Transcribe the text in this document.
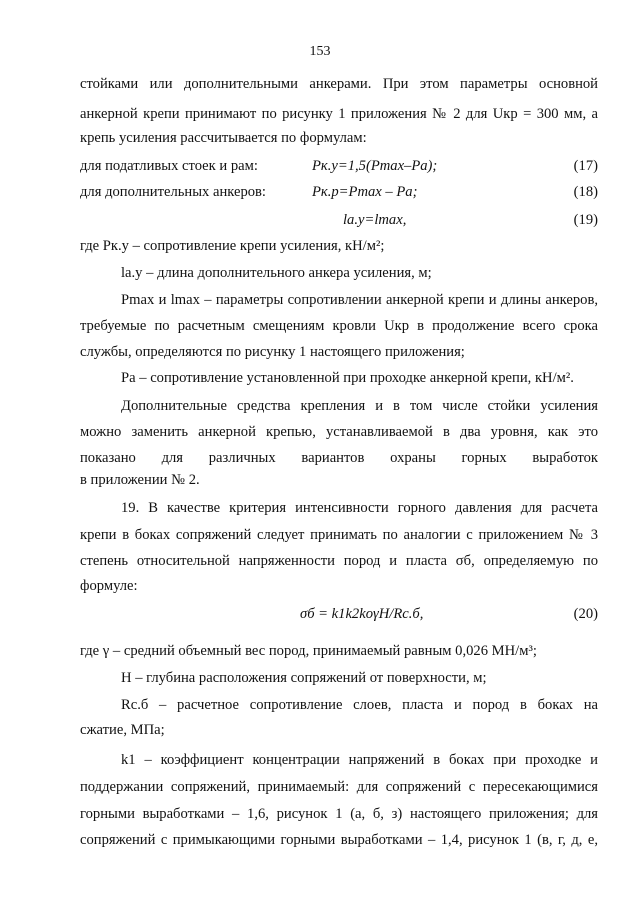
153
стойками или дополнительными анкерами. При этом параметры основной
анкерной крепи принимают по рисунку 1 приложения № 2 для Uкр = 300 мм, а
крепь усиления рассчитывается по формулам:
для податливых стоек и рам:	Pк.у=1,5(Pmax–Pa);	(17)
для дополнительных анкеров:	Pк.р=Pmax – Pa;	(18)
la.y=lmax,	(19)
где Pк.у – сопротивление крепи усиления, кН/м²;
la.y – длина дополнительного анкера усиления, м;
Pmax и lmax – параметры сопротивлении анкерной крепи и длины анкеров,
требуемые по расчетным смещениям кровли Uкр в продолжение всего срока
службы, определяются по рисунку 1 настоящего приложения;
Pa – сопротивление установленной при проходке анкерной крепи, кН/м².
Дополнительные средства крепления и в том числе стойки усиления
можно заменить анкерной крепью, устанавливаемой в два уровня, как это
показано для различных вариантов охраны горных выработок
в приложении № 2.
19. В качестве критерия интенсивности горного давления для расчета
крепи в боках сопряжений следует принимать по аналогии с приложением № 3
степень относительной напряженности пород и пласта σб, определяемую по
формуле:
σб = k1k2koγH/Rс.б,	(20)
где γ – средний объемный вес пород, принимаемый равным 0,026 МН/м³;
H – глубина расположения сопряжений от поверхности, м;
Rс.б – расчетное сопротивление слоев, пласта и пород в боках на
сжатие, МПа;
k1 – коэффициент концентрации напряжений в боках при проходке и
поддержании сопряжений, принимаемый: для сопряжений с пересекающимися
горными выработками – 1,6, рисунок 1 (а, б, з) настоящего приложения; для
сопряжений с примыкающими горными выработками – 1,4, рисунок 1 (в, г, д, е,
